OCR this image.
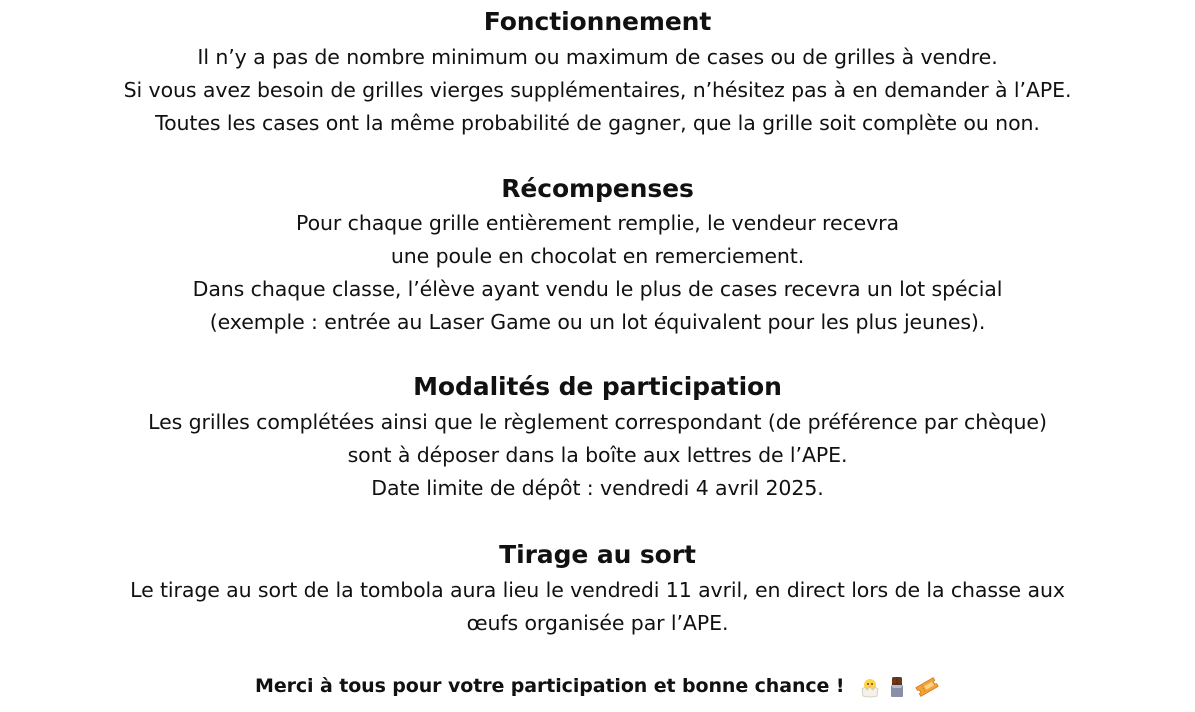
Fonctionnement
Il n’y a pas de nombre minimum ou maximum de cases ou de grilles à vendre.
Si vous avez besoin de grilles vierges supplémentaires, n’hésitez pas à en demander à l’APE.
Toutes les cases ont la même probabilité de gagner, que la grille soit complète ou non.
Récompenses
Pour chaque grille entièrement remplie, le vendeur recevra
une poule en chocolat en remerciement.
Dans chaque classe, l’élève ayant vendu le plus de cases recevra un lot spécial
(exemple : entrée au Laser Game ou un lot équivalent pour les plus jeunes).
Modalités de participation
Les grilles complétées ainsi que le règlement correspondant (de préférence par chèque)
sont à déposer dans la boîte aux lettres de l’APE.
Date limite de dépôt : vendredi 4 avril 2025.
Tirage au sort
Le tirage au sort de la tombola aura lieu le vendredi 11 avril, en direct lors de la chasse aux
œufs organisée par l’APE.
Merci à tous pour votre participation et bonne chance !
